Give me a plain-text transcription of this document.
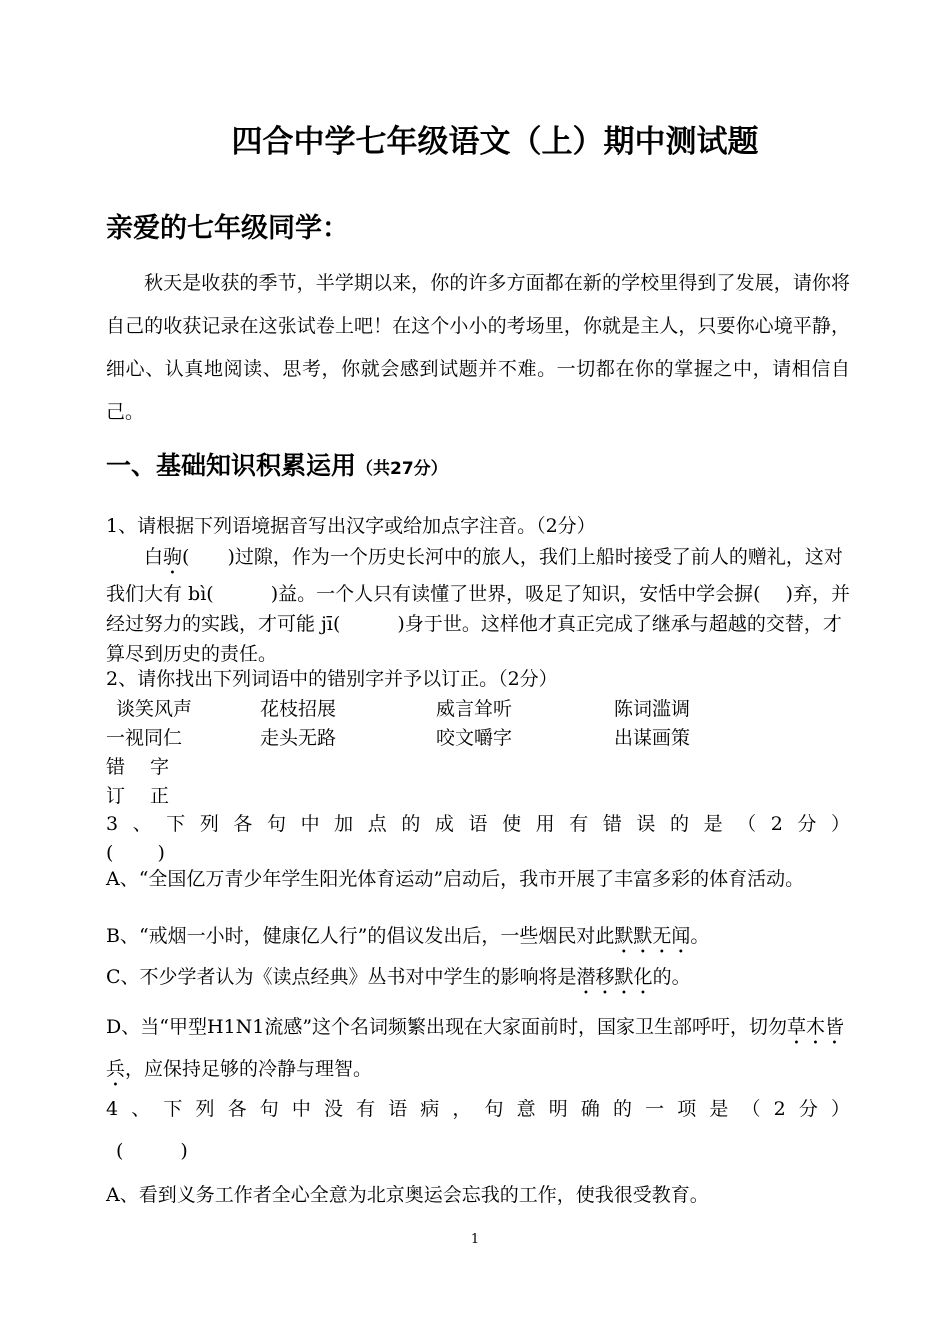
四合中学七年级语文（上）期中测试题
亲爱的七年级同学：

秋天是收获的季节，半学期以来，你的许多方面都在新的学校里得到了发展，请你将自己的收获记录在这张试卷上吧！在这个小小的考场里，你就是主人，只要你心境平静，细心、认真地阅读、思考，你就会感到试题并不难。一切都在你的掌握之中，请相信自己。

一、基础知识积累运用（共27分）
1、请根据下列语境据音写出汉字或给加点字注音。（2分）
白驹(　　)过隙，作为一个历史长河中的旅人，我们上船时接受了前人的赠礼，这对我们大有 bì(　　　)益。一个人只有读懂了世界，吸足了知识，安恬中学会摒(　 )弃，并经过努力的实践，才可能 jī(　　　)身于世。这样他才真正完成了继承与超越的交替，才算尽到历史的责任。
2、请你找出下列词语中的错别字并予以订正。（2分）
谈笑风声	花枝招展	威言耸听	陈词滥调
一视同仁	走头无路	咬文嚼字	出谋画策
错　 字
订　 正
3、下列各句中加点的成语使用有错误的是（2分）
(　　 )
A、“全国亿万青少年学生阳光体育运动”启动后，我市开展了丰富多彩的体育活动。
B、“戒烟一小时，健康亿人行”的倡议发出后，一些烟民对此默默无闻。
C、不少学者认为《读点经典》丛书对中学生的影响将是潜移默化的。
D、当“甲型H1N1流感”这个名词频繁出现在大家面前时，国家卫生部呼吁，切勿草木皆兵，应保持足够的冷静与理智。
4、下列各句中没有语病，句意明确的一项是（2分）
(　　　)
A、看到义务工作者全心全意为北京奥运会忘我的工作，使我很受教育。
1
